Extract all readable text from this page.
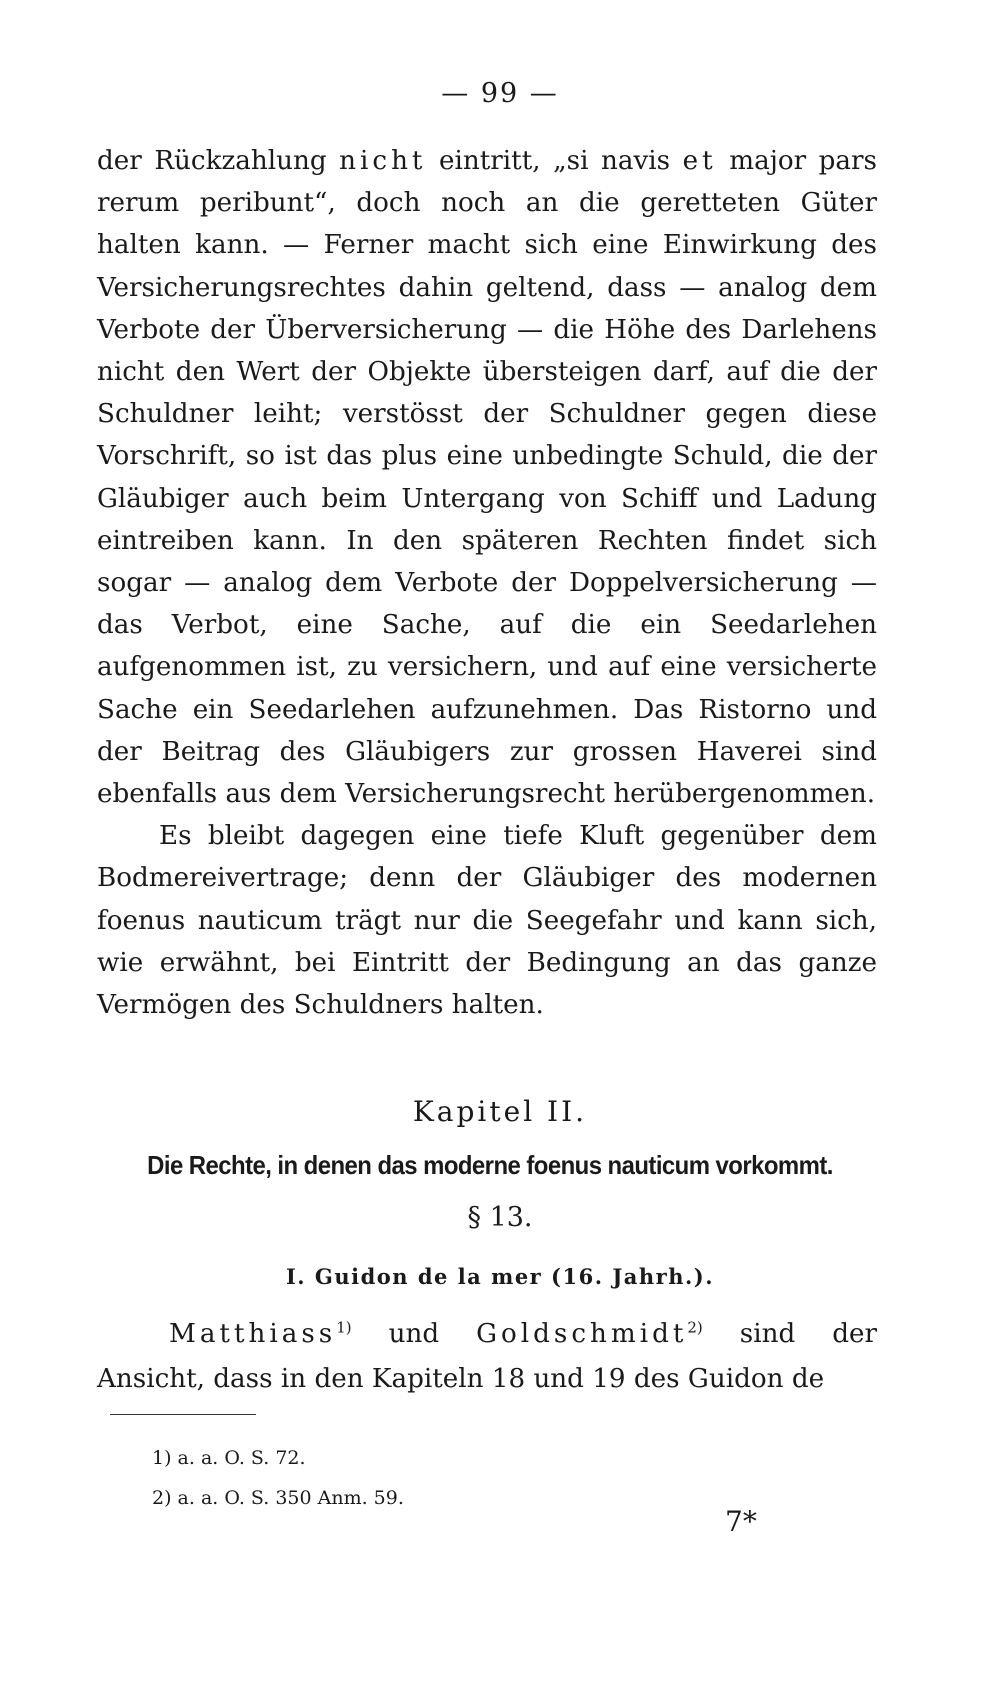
— 99 —

der Rückzahlung nicht eintritt, „si navis et major pars rerum peribunt“, doch noch an die geretteten Güter halten kann. — Ferner macht sich eine Einwirkung des Versicherungsrechtes dahin geltend, dass — analog dem Verbote der Überversicherung — die Höhe des Darlehens nicht den Wert der Objekte übersteigen darf, auf die der Schuldner leiht; verstösst der Schuldner gegen diese Vorschrift, so ist das plus eine unbedingte Schuld, die der Gläubiger auch beim Untergang von Schiff und Ladung eintreiben kann. In den späteren Rechten findet sich sogar — analog dem Verbote der Doppelversicherung — das Verbot, eine Sache, auf die ein Seedarlehen aufgenommen ist, zu versichern, und auf eine versicherte Sache ein Seedarlehen aufzunehmen. Das Ristorno und der Beitrag des Gläubigers zur grossen Haverei sind ebenfalls aus dem Versicherungsrecht herübergenommen.

Es bleibt dagegen eine tiefe Kluft gegenüber dem Bodmereivertrage; denn der Gläubiger des modernen foenus nauticum trägt nur die Seegefahr und kann sich, wie erwähnt, bei Eintritt der Bedingung an das ganze Vermögen des Schuldners halten.

Kapitel II.
Die Rechte, in denen das moderne foenus nauticum vorkommt.
§ 13.
I. Guidon de la mer (16. Jahrh.).

Matthiass$^{1)}$ und Goldschmidt$^{2)}$ sind der Ansicht, dass in den Kapiteln 18 und 19 des Guidon de

1) a. a. O. S. 72.
2) a. a. O. S. 350 Anm. 59.
7*
